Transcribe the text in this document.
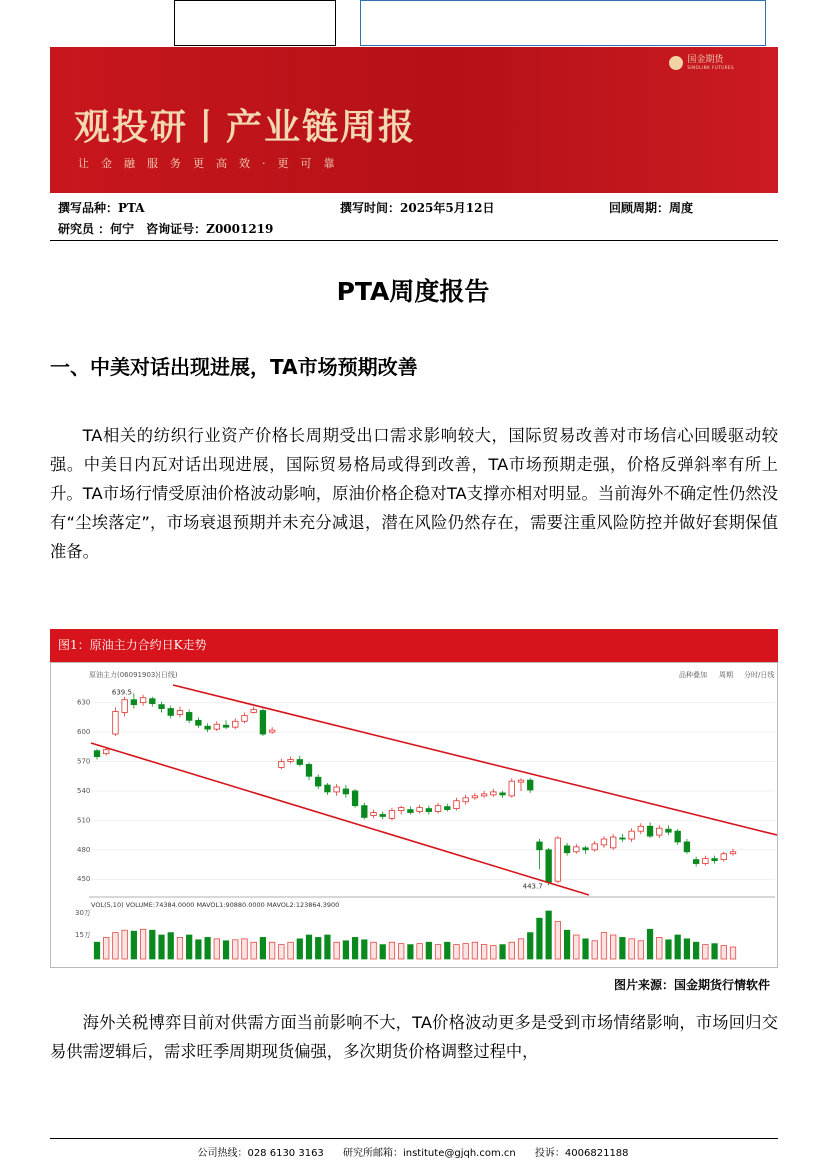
国金期货
SINOLINK FUTURES
观投研丨产业链周报
让金融服务更高效·更可靠
撰写品种：PTA	撰写时间：2025年5月12日	回顾周期：周度
研究员 ：何宁　咨询证号：Z0001219
PTA周度报告
一、中美对话出现进展，TA市场预期改善
TA相关的纺织行业资产价格长周期受出口需求影响较大，国际贸易改善对市场信心回暖驱动较强。中美日内瓦对话出现进展，国际贸易格局或得到改善，TA市场预期走强，价格反弹斜率有所上升。TA市场行情受原油价格波动影响，原油价格企稳对TA支撑亦相对明显。当前海外不确定性仍然没有“尘埃落定”，市场衰退预期并未充分减退，潜在风险仍然存在，需要注重风险防控并做好套期保值准备。
图1：原油主力合约日K走势
原油主力(06091903)(日线)	品种叠加 周期 分时/日线
630
600
570
540
510
480
450
639.5
443.7
VOL(5,10) VOLUME:74384.0000 MAVOL1:90880.0000 MAVOL2:123864.3900
30万
15万
图片来源：国金期货行情软件
海外关税博弈目前对供需方面当前影响不大，TA价格波动更多是受到市场情绪影响，市场回归交易供需逻辑后，需求旺季周期现货偏强，多次期货价格调整过程中，
公司热线：028 6130 3163 研究所邮箱：institute@gjqh.com.cn 投诉：4006821188
